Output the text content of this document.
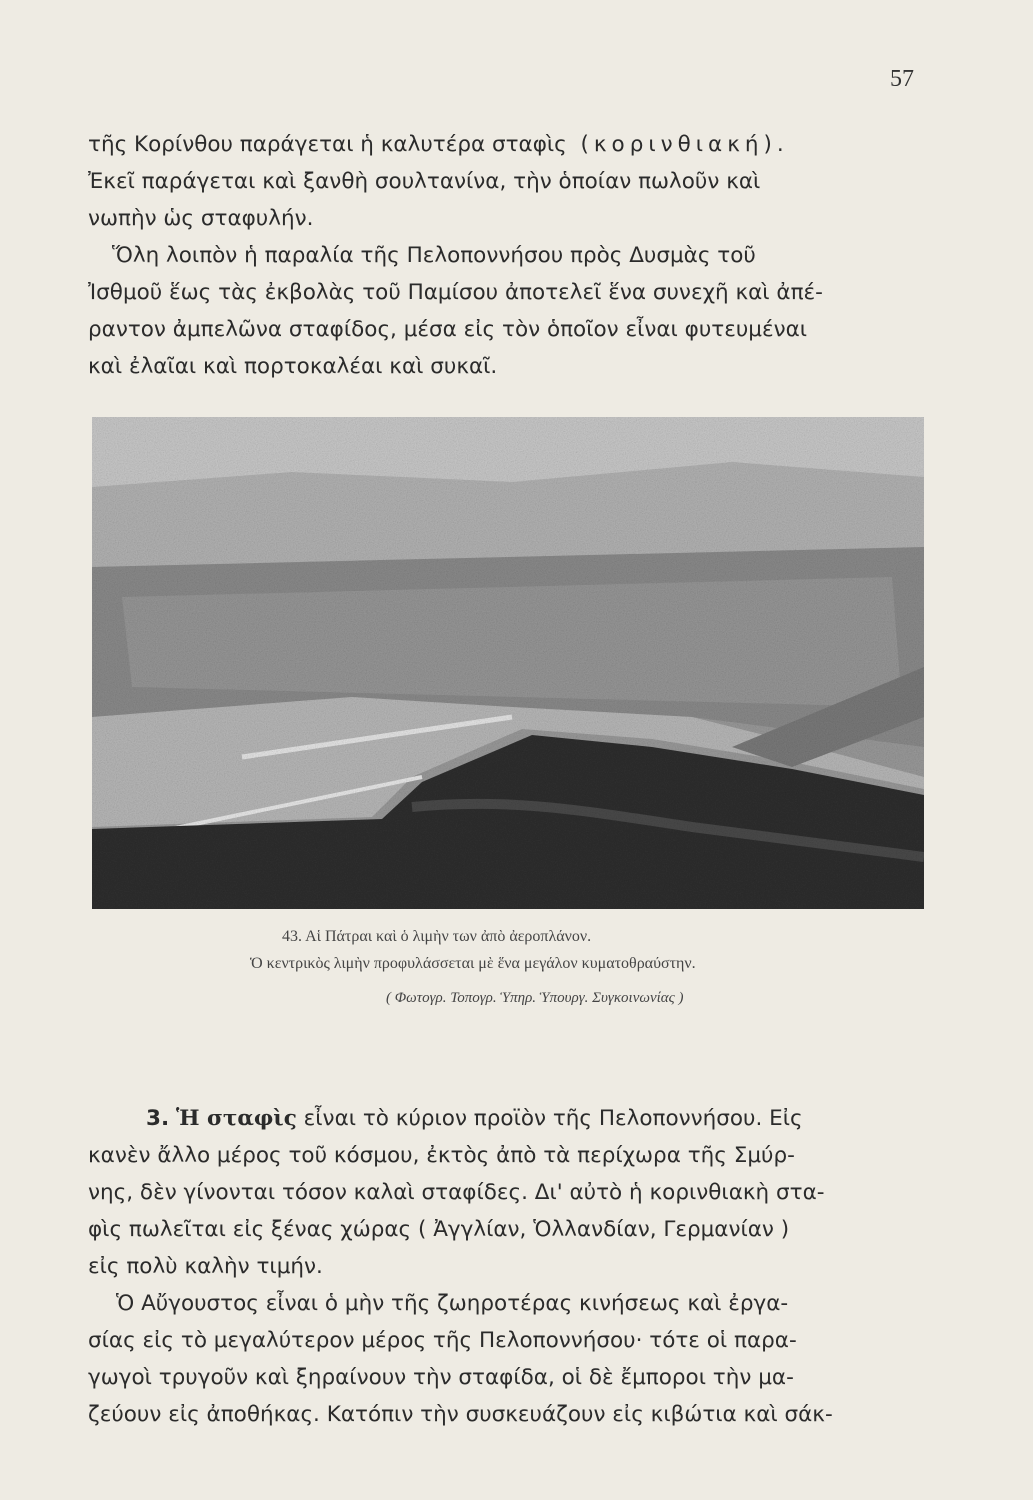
57
τῆς Κορίνθου παράγεται ἡ καλυτέρα σταφὶς (κορινθιακή).
Ἐκεῖ παράγεται καὶ ξανθὴ σουλτανίνα, τὴν ὁποίαν πωλοῦν καὶ
νωπὴν ὡς σταφυλήν.
Ὅλη λοιπὸν ἡ παραλία τῆς Πελοποννήσου πρὸς Δυσμὰς τοῦ
Ἰσθμοῦ ἕως τὰς ἐκβολὰς τοῦ Παμίσου ἀποτελεῖ ἕνα συνεχῆ καὶ ἀπέ-
ραντον ἀμπελῶνα σταφίδος, μέσα εἰς τὸν ὁποῖον εἶναι φυτευμέναι
καὶ ἐλαῖαι καὶ πορτοκαλέαι καὶ συκαῖ.
43. Αἱ Πάτραι καὶ ὁ λιμὴν των ἀπὸ ἀεροπλάνον.
Ὁ κεντρικὸς λιμὴν προφυλάσσεται μὲ ἕνα μεγάλον κυματοθραύστην.
( Φωτογρ. Τοπογρ. Ὑπηρ. Ὑπουργ. Συγκοινωνίας )
3. Ἡ σταφὶς εἶναι τὸ κύριον προϊὸν τῆς Πελοποννήσου. Εἰς
κανὲν ἄλλο μέρος τοῦ κόσμου, ἐκτὸς ἀπὸ τὰ περίχωρα τῆς Σμύρ-
νης, δὲν γίνονται τόσον καλαὶ σταφίδες. Δι' αὐτὸ ἡ κορινθιακὴ στα-
φὶς πωλεῖται εἰς ξένας χώρας ( Ἀγγλίαν, Ὁλλανδίαν, Γερμανίαν )
εἰς πολὺ καλὴν τιμήν.
Ὁ Αὔγουστος εἶναι ὁ μὴν τῆς ζωηροτέρας κινήσεως καὶ ἐργα-
σίας εἰς τὸ μεγαλύτερον μέρος τῆς Πελοποννήσου· τότε οἱ παρα-
γωγοὶ τρυγοῦν καὶ ξηραίνουν τὴν σταφίδα, οἱ δὲ ἔμποροι τὴν μα-
ζεύουν εἰς ἀποθήκας. Κατόπιν τὴν συσκευάζουν εἰς κιβώτια καὶ σάκ-
